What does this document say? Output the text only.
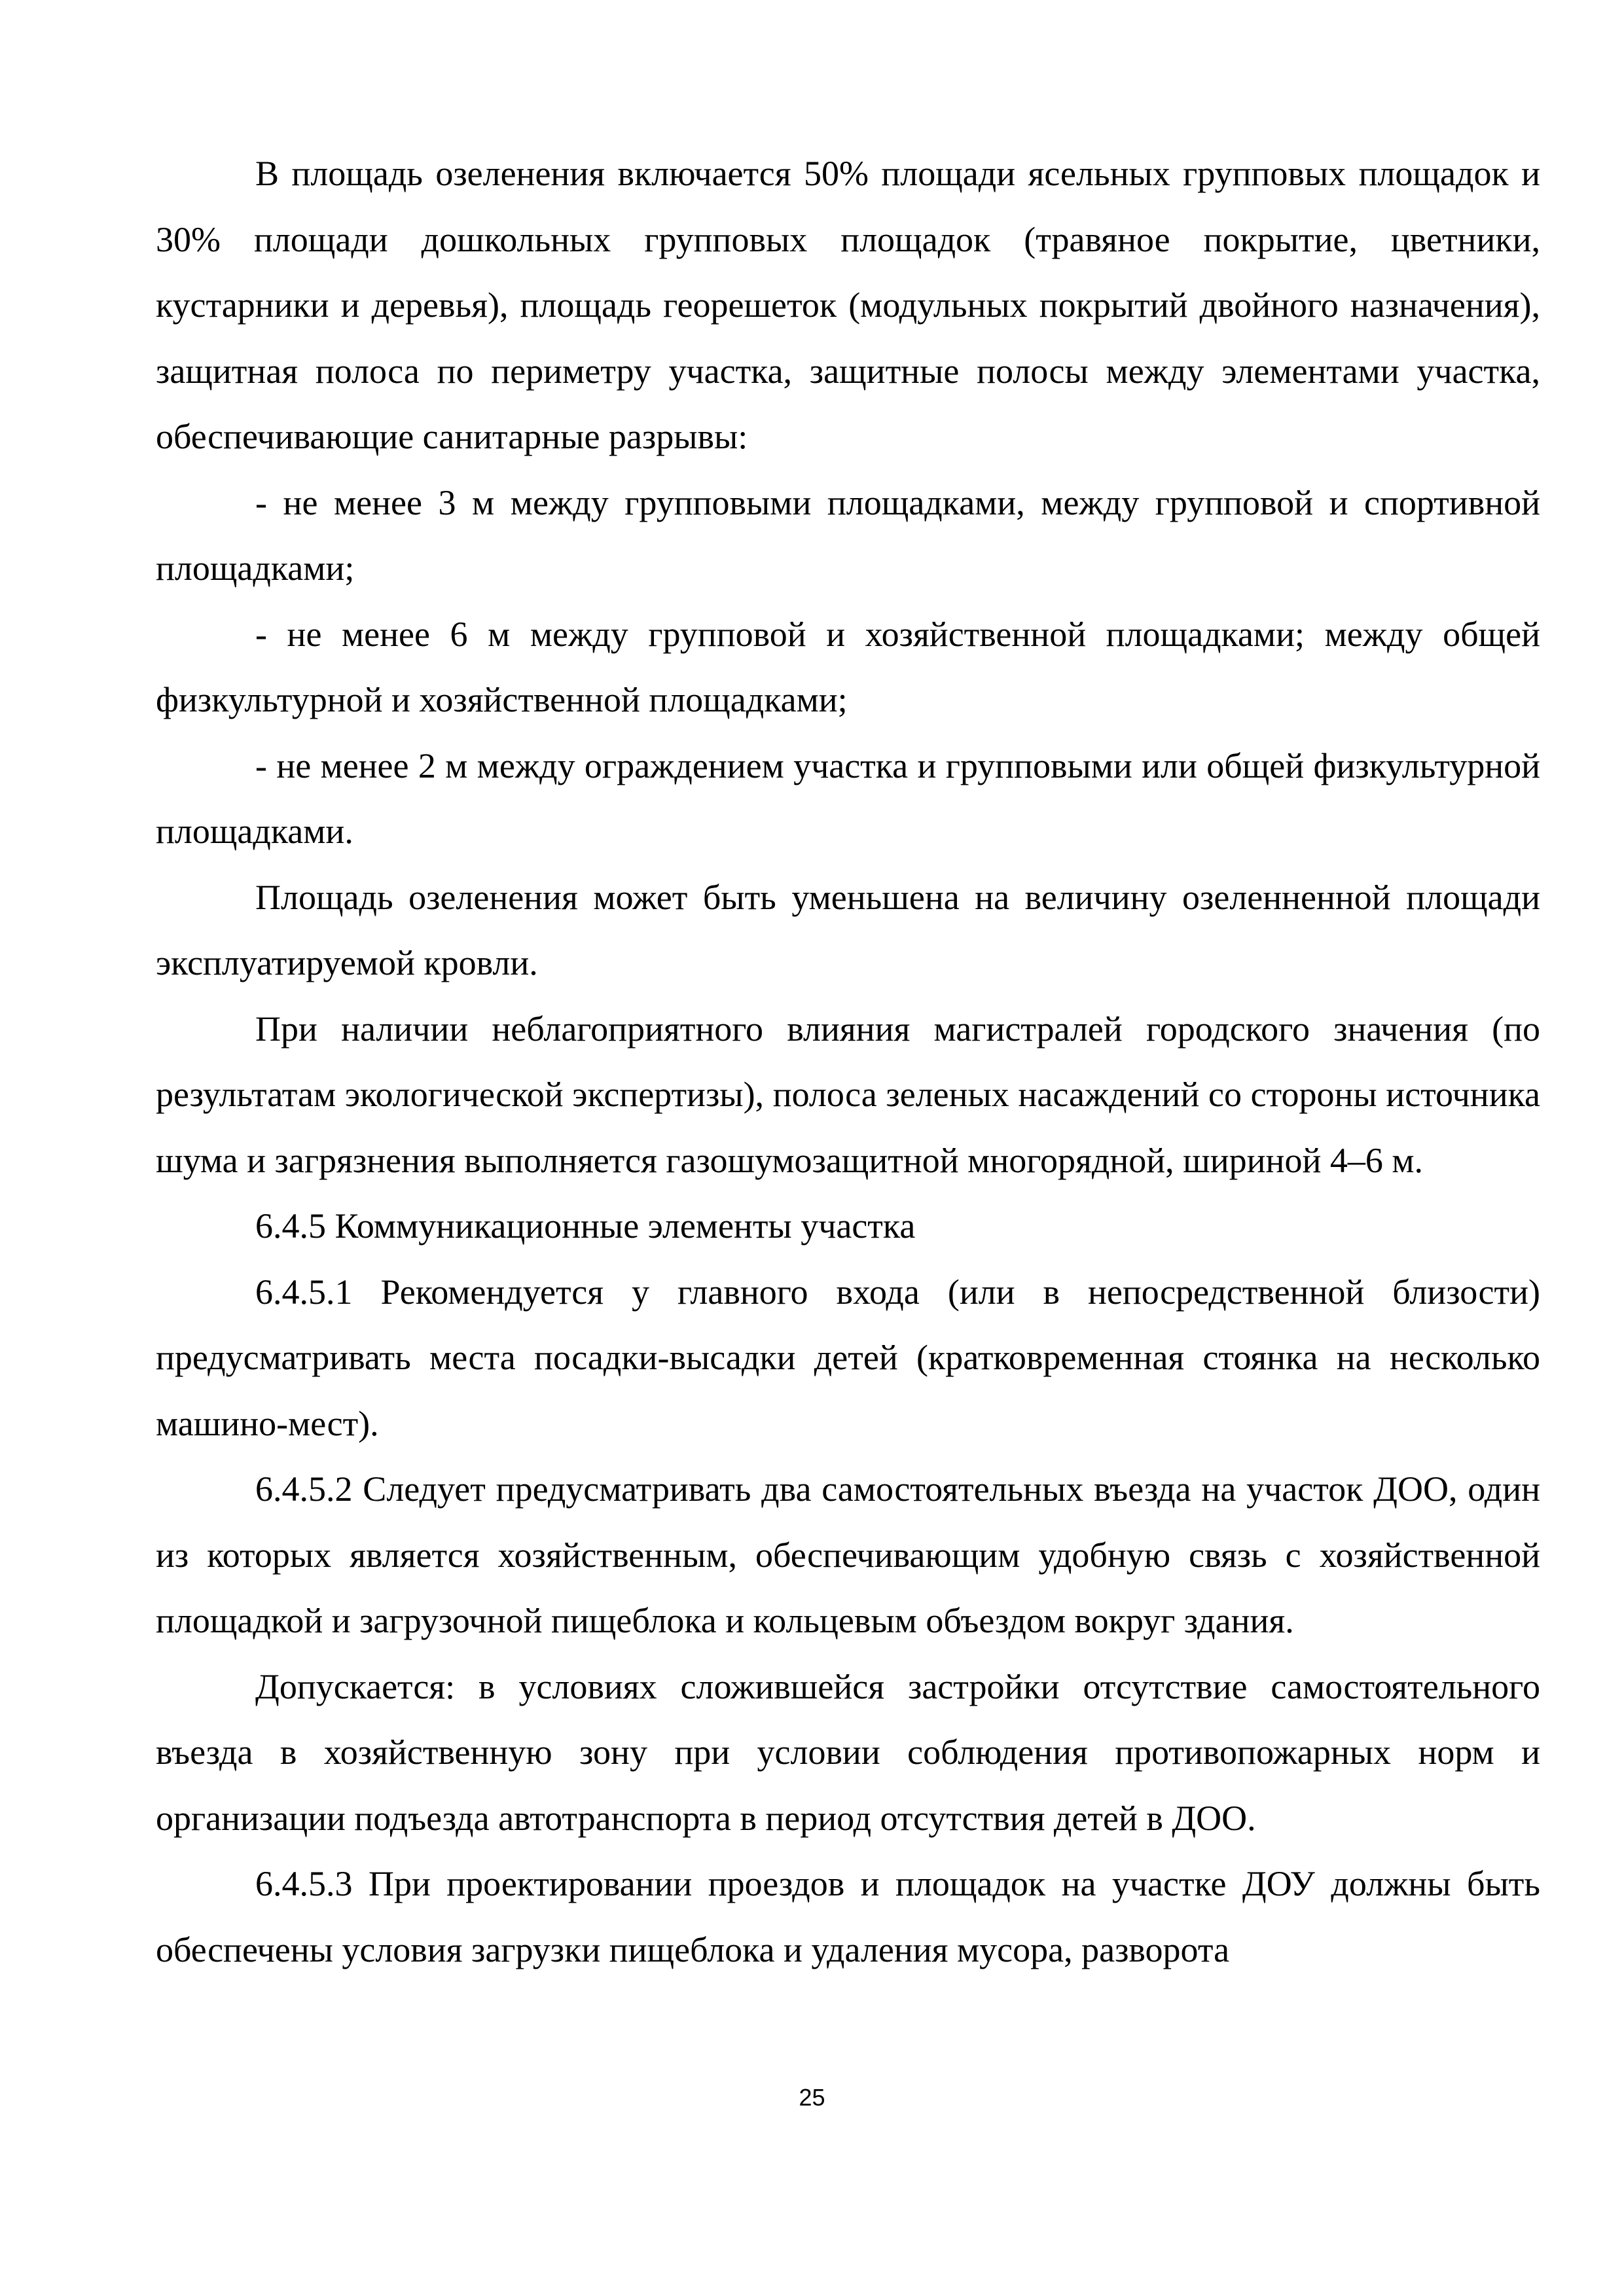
В площадь озеленения включается 50% площади ясельных групповых площадок и 30% площади дошкольных групповых площадок (травяное покрытие, цветники, кустарники и деревья), площадь георешеток (модульных покрытий двойного назначения), защитная полоса по периметру участка, защитные полосы между элементами участка, обеспечивающие санитарные разрывы:

- не менее 3 м между групповыми площадками, между групповой и спортивной площадками;

- не менее 6 м между групповой и хозяйственной площадками; между общей физкультурной и хозяйственной площадками;

- не менее 2 м между ограждением участка и групповыми или общей физкультурной площадками.

Площадь озеленения может быть уменьшена на величину озеленненной площади эксплуатируемой кровли.

При наличии неблагоприятного влияния магистралей городского значения (по результатам экологической экспертизы), полоса зеленых насаждений со стороны источника шума и загрязнения выполняется газошумозащитной многорядной, шириной 4–6 м.

6.4.5 Коммуникационные элементы участка

6.4.5.1 Рекомендуется у главного входа (или в непосредственной близости) предусматривать места посадки-высадки детей (кратковременная стоянка на несколько машино-мест).

6.4.5.2 Следует предусматривать два самостоятельных въезда на участок ДОО, один из которых является хозяйственным, обеспечивающим удобную связь с хозяйственной площадкой и загрузочной пищеблока и кольцевым объездом вокруг здания.

Допускается: в условиях сложившейся застройки отсутствие самостоятельного въезда в хозяйственную зону при условии соблюдения противопожарных норм и организации подъезда автотранспорта в период отсутствия детей в ДОО.

6.4.5.3 При проектировании проездов и площадок на участке ДОУ должны быть обеспечены условия загрузки пищеблока и удаления мусора, разворота

25
